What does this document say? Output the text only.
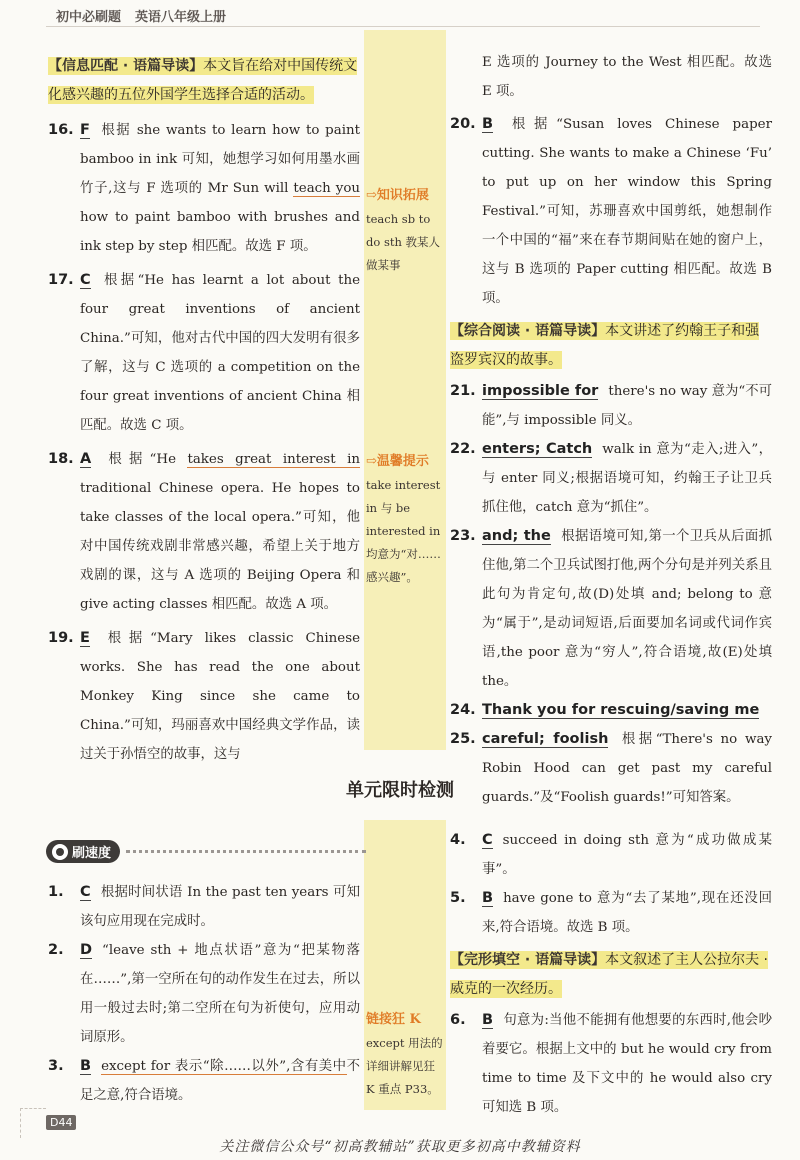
初中必刷题 英语八年级上册
【信息匹配 · 语篇导读】本文旨在给对中国传统文化感兴趣的五位外国学生选择合适的活动。
16. F 根据 she wants to learn how to paint bamboo in ink 可知，她想学习如何用墨水画竹子,这与 F 选项的 Mr Sun will teach you how to paint bamboo with brushes and ink step by step 相匹配。故选 F 项。
17. C 根据“He has learnt a lot about the four great inventions of ancient China.”可知，他对古代中国的四大发明有很多了解，这与 C 选项的 a competition on the four great inventions of ancient China 相匹配。故选 C 项。
18. A 根据“He takes great interest in traditional Chinese opera. He hopes to take classes of the local opera.”可知，他对中国传统戏剧非常感兴趣，希望上关于地方戏剧的课，这与 A 选项的 Beijing Opera 和 give acting classes 相匹配。故选 A 项。
19. E 根据“Mary likes classic Chinese works. She has read the one about Monkey King since she came to China.”可知，玛丽喜欢中国经典文学作品，读过关于孙悟空的故事，这与
⇨知识拓展
teach sb to do sth 教某人做某事
⇨温馨提示
take interest in 与 be interested in 均意为“对……感兴趣”。
链接狂 K
except 用法的详细讲解见狂 K 重点 P33。
E 选项的 Journey to the West 相匹配。故选 E 项。
20. B 根据“Susan loves Chinese paper cutting. She wants to make a Chinese ‘Fu’ to put up on her window this Spring Festival.”可知，苏珊喜欢中国剪纸，她想制作一个中国的“福”来在春节期间贴在她的窗户上，这与 B 选项的 Paper cutting 相匹配。故选 B 项。
【综合阅读 · 语篇导读】本文讲述了约翰王子和强盗罗宾汉的故事。
21. impossible for there's no way 意为“不可能”,与 impossible 同义。
22. enters; Catch walk in 意为“走入;进入”，与 enter 同义;根据语境可知，约翰王子让卫兵抓住他，catch 意为“抓住”。
23. and; the 根据语境可知,第一个卫兵从后面抓住他,第二个卫兵试图打他,两个分句是并列关系且此句为肯定句,故(D)处填 and; belong to 意为“属于”,是动词短语,后面要加名词或代词作宾语,the poor 意为“穷人”,符合语境,故(E)处填 the。
24. Thank you for rescuing/saving me
25. careful; foolish 根据“There's no way Robin Hood can get past my careful guards.”及“Foolish guards!”可知答案。
单元限时检测
刷速度
1. C 根据时间状语 In the past ten years 可知该句应用现在完成时。
2. D “leave sth + 地点状语”意为“把某物落在……”,第一空所在句的动作发生在过去，所以用一般过去时;第二空所在句为祈使句，应用动词原形。
3. B except for 表示“除……以外”,含有美中不足之意,符合语境。
4. C succeed in doing sth 意为“成功做成某事”。
5. B have gone to 意为“去了某地”,现在还没回来,符合语境。故选 B 项。
【完形填空 · 语篇导读】本文叙述了主人公拉尔夫 · 威克的一次经历。
6. B 句意为:当他不能拥有他想要的东西时,他会吵着要它。根据上文中的 but he would cry from time to time 及下文中的 he would also cry 可知选 B 项。
D44
关注微信公众号“初高教辅站”获取更多初高中教辅资料
